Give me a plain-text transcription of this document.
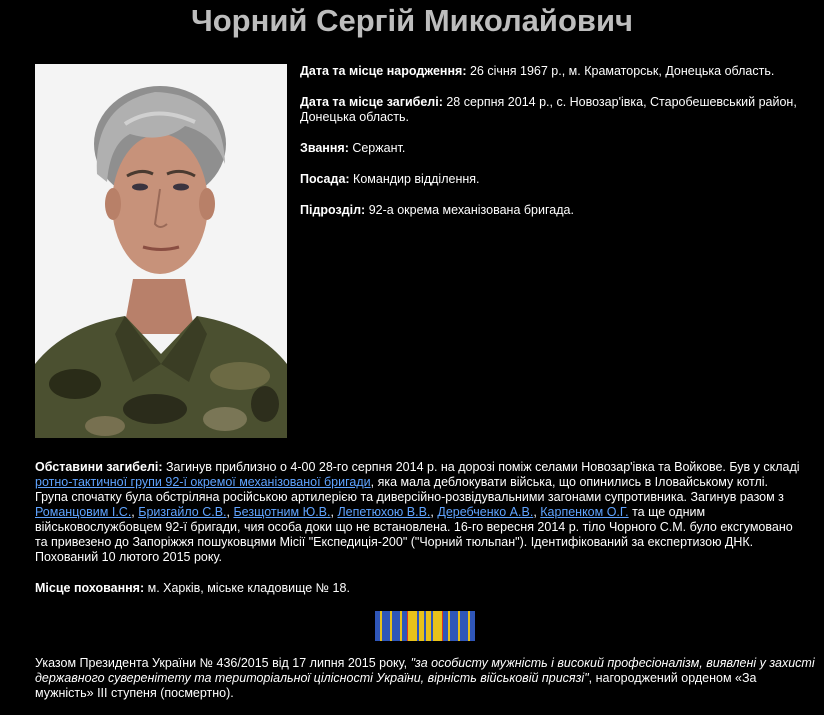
Чорний Сергій Миколайович
Дата та місце народження: 26 січня 1967 р., м. Краматорськ, Донецька область.
Дата та місце загибелі: 28 серпня 2014 р., с. Новозар'івка, Старобешевський район, Донецька область.
Звання: Сержант.
Посада: Командир відділення.
Підрозділ: 92-а окрема механізована бригада.
Обставини загибелі: Загинув приблизно о 4-00 28-го серпня 2014 р. на дорозі поміж селами Новозар'івка та Войкове. Був у складі ротно-тактичної групи 92-ї окремої механізованої бригади, яка мала деблокувати війська, що опинились в Іловайському котлі. Група спочатку була обстріляна російською артилерією та диверсійно-розвідувальними загонами супротивника. Загинув разом з Романцовим І.С., Бризгайло С.В., Безщотним Ю.В., Лепетюхою В.В., Деребченко А.В., Карпенком О.Г. та ще одним військовослужбовцем 92-ї бригади, чия особа доки що не встановлена. 16-го вересня 2014 р. тіло Чорного С.М. було ексгумовано та привезено до Запоріжжя пошуковцями Місії "Експедиція-200" ("Чорний тюльпан"). Ідентифікований за експертизою ДНК. Похований 10 лютого 2015 року.
Місце поховання: м. Харків, міське кладовище № 18.
Указом Президента України № 436/2015 від 17 липня 2015 року, "за особисту мужність і високий професіоналізм, виявлені у захисті державного суверенітету та територіальної цілісності України, вірність військовій присязі", нагороджений орденом «За мужність» ІІІ ступеня (посмертно).
